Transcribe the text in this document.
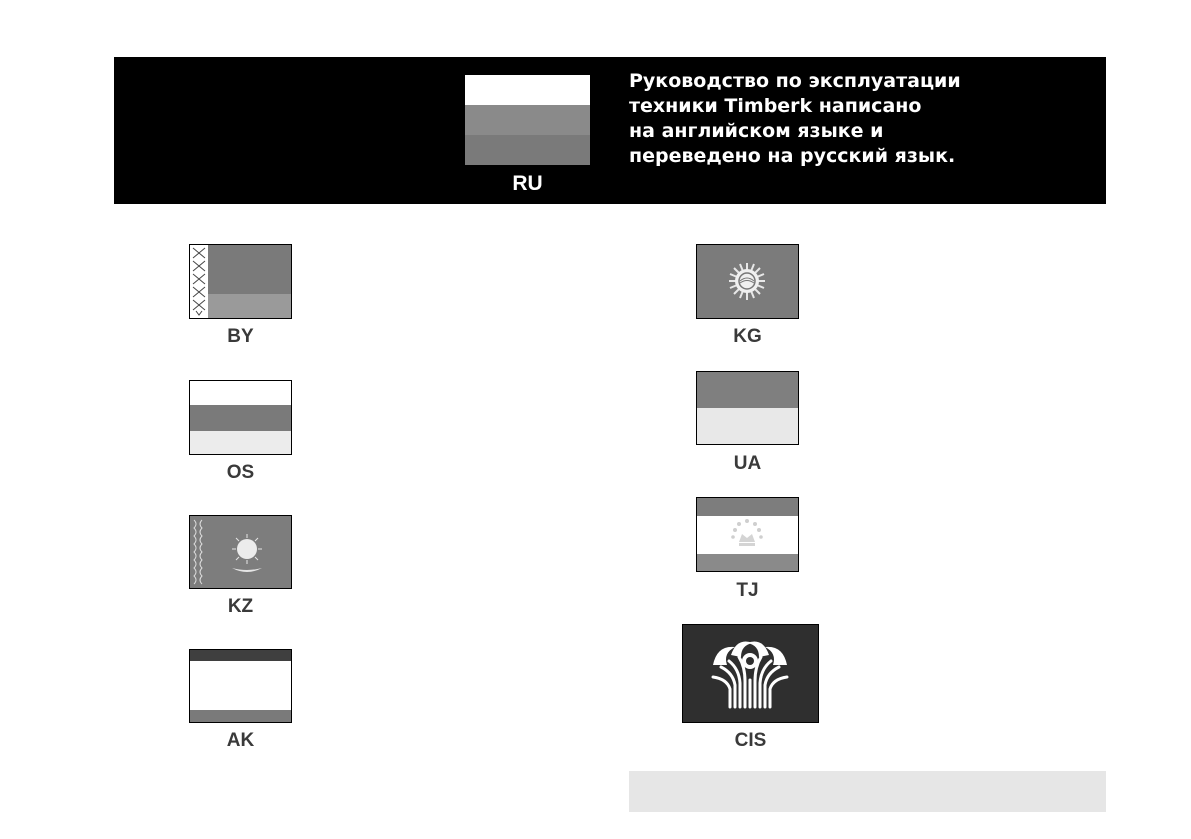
RU
Руководство по эксплуатации
техники Timberk написано
на английском языке и
переведено на русский язык.
BY
OS
KZ
AK
KG
UA
TJ
CIS
